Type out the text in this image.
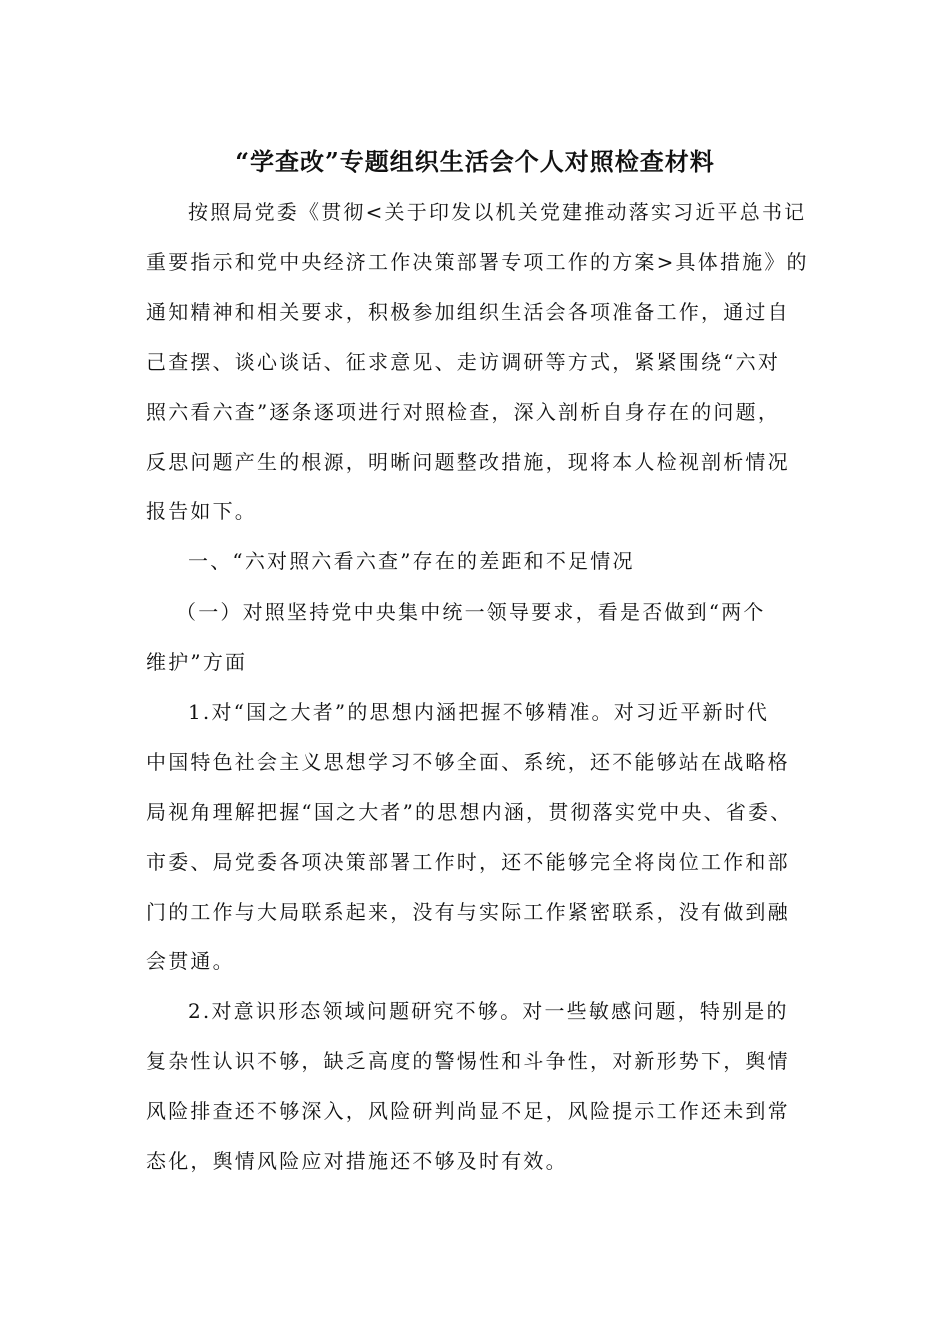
“学查改”专题组织生活会个人对照检查材料
按照局党委《贯彻<关于印发以机关党建推动落实习近平总书记
重要指示和党中央经济工作决策部署专项工作的方案>具体措施》的
通知精神和相关要求，积极参加组织生活会各项准备工作，通过自
己查摆、谈心谈话、征求意见、走访调研等方式，紧紧围绕“六对
照六看六查”逐条逐项进行对照检查，深入剖析自身存在的问题，
反思问题产生的根源，明晰问题整改措施，现将本人检视剖析情况
报告如下。
一、“六对照六看六查”存在的差距和不足情况
（一）对照坚持党中央集中统一领导要求，看是否做到“两个
维护”方面
1.对“国之大者”的思想内涵把握不够精准。对习近平新时代
中国特色社会主义思想学习不够全面、系统，还不能够站在战略格
局视角理解把握“国之大者”的思想内涵，贯彻落实党中央、省委、
市委、局党委各项决策部署工作时，还不能够完全将岗位工作和部
门的工作与大局联系起来，没有与实际工作紧密联系，没有做到融
会贯通。
2.对意识形态领域问题研究不够。对一些敏感问题，特别是的
复杂性认识不够，缺乏高度的警惕性和斗争性，对新形势下，舆情
风险排查还不够深入，风险研判尚显不足，风险提示工作还未到常
态化，舆情风险应对措施还不够及时有效。
